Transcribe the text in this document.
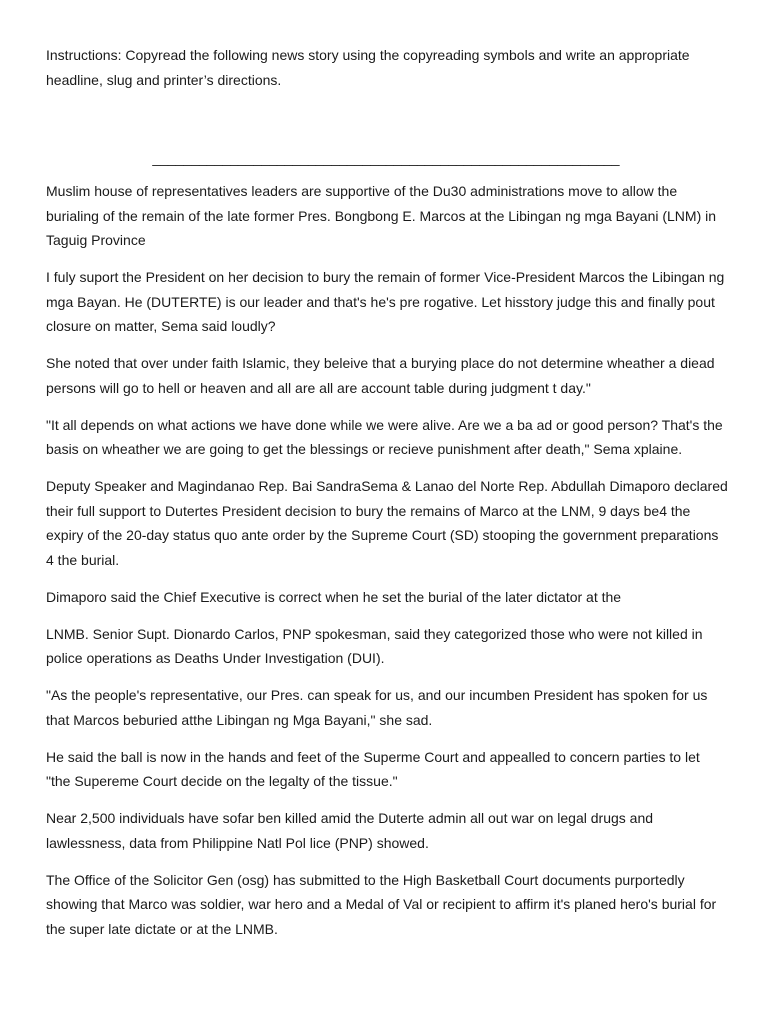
Instructions: Copyread the following news story using the copyreading symbols and write an appropriate headline, slug and printer’s directions.

____________________________________________________________

Muslim house of representatives leaders are supportive of the Du30 administrations move to allow the burialing of the remain of the late former Pres. Bongbong E. Marcos at the Libingan ng mga Bayani (LNM) in Taguig Province

I fuly suport the President on her decision to bury the remain of former Vice-President Marcos the Libingan ng mga Bayan. He (DUTERTE) is our leader and that's he's pre rogative. Let hisstory judge this and finally pout closure on matter, Sema said loudly?

She noted that over under faith Islamic, they beleive that a burying place do not determine wheather a diead persons will go to hell or heaven and all are all are account table during judgment t day."

"It all depends on what actions we have done while we were alive. Are we a ba ad or good person? That's the basis on wheather we are going to get the blessings or recieve punishment after death," Sema xplaine.

Deputy Speaker and Magindanao Rep. Bai SandraSema & Lanao del Norte Rep. Abdullah Dimaporo declared their full support to Dutertes President decision to bury the remains of Marco at the LNM, 9 days be4 the expiry of the 20-day status quo ante order by the Supreme Court (SD) stooping the government preparations 4 the burial.

Dimaporo said the Chief Executive is correct when he set the burial of the later dictator at the

LNMB. Senior Supt. Dionardo Carlos, PNP spokesman, said they categorized those who were not killed in police operations as Deaths Under Investigation (DUI).

"As the people's representative, our Pres. can speak for us, and our incumben President has spoken for us that Marcos beburied atthe Libingan ng Mga Bayani," she sad.

He said the ball is now in the hands and feet of the Superme Court and appealled to concern parties to let "the Supereme Court decide on the legalty of the tissue."

Near 2,500 individuals have sofar ben killed amid the Duterte admin all out war on legal drugs and lawlessness, data from Philippine Natl Pol lice (PNP) showed.

The Office of the Solicitor Gen (osg) has submitted to the High Basketball Court documents purportedly showing that Marco was soldier, war hero and a Medal of Val or recipient to affirm it's planed hero's burial for the super late dictate or at the LNMB.
